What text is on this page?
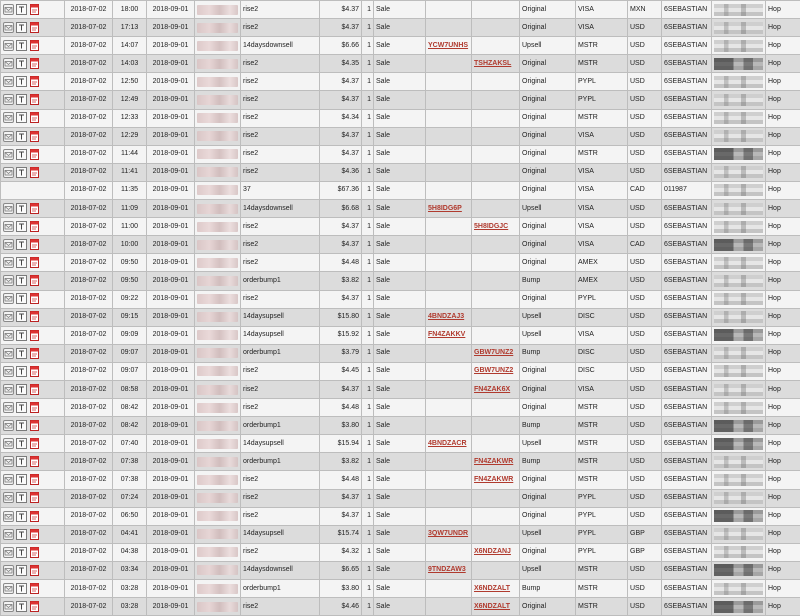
	2018-07-02	18:00	2018-09-01		rise2	$4.37	1	Sale			Original	VISA	MXN	6SEBASTIAN		Hop
	2018-07-02	17:13	2018-09-01		rise2	$4.37	1	Sale			Original	VISA	USD	6SEBASTIAN		Hop
	2018-07-02	14:07	2018-09-01		14daysdownsell	$6.66	1	Sale	YCW7UNHS		Upsell	MSTR	USD	6SEBASTIAN		Hop
	2018-07-02	14:03	2018-09-01		rise2	$4.35	1	Sale		TSHZAKSL	Original	MSTR	USD	6SEBASTIAN		Hop
	2018-07-02	12:50	2018-09-01		rise2	$4.37	1	Sale			Original	PYPL	USD	6SEBASTIAN		Hop
	2018-07-02	12:49	2018-09-01		rise2	$4.37	1	Sale			Original	PYPL	USD	6SEBASTIAN		Hop
	2018-07-02	12:33	2018-09-01		rise2	$4.34	1	Sale			Original	MSTR	USD	6SEBASTIAN		Hop
	2018-07-02	12:29	2018-09-01		rise2	$4.37	1	Sale			Original	VISA	USD	6SEBASTIAN		Hop
	2018-07-02	11:44	2018-09-01		rise2	$4.37	1	Sale			Original	MSTR	USD	6SEBASTIAN		Hop
	2018-07-02	11:41	2018-09-01		rise2	$4.36	1	Sale			Original	VISA	USD	6SEBASTIAN		Hop
	2018-07-02	11:35	2018-09-01		37	$67.36	1	Sale			Original	VISA	CAD	011987		Hop
	2018-07-02	11:09	2018-09-01		14daysdownsell	$6.68	1	Sale	5H8IDG6P		Upsell	VISA	USD	6SEBASTIAN		Hop
	2018-07-02	11:00	2018-09-01		rise2	$4.37	1	Sale		5H8IDGJC	Original	VISA	USD	6SEBASTIAN		Hop
	2018-07-02	10:00	2018-09-01		rise2	$4.37	1	Sale			Original	VISA	CAD	6SEBASTIAN		Hop
	2018-07-02	09:50	2018-09-01		rise2	$4.48	1	Sale			Original	AMEX	USD	6SEBASTIAN		Hop
	2018-07-02	09:50	2018-09-01		orderbump1	$3.82	1	Sale			Bump	AMEX	USD	6SEBASTIAN		Hop
	2018-07-02	09:22	2018-09-01		rise2	$4.37	1	Sale			Original	PYPL	USD	6SEBASTIAN		Hop
	2018-07-02	09:15	2018-09-01		14daysupsell	$15.80	1	Sale	4BNDZAJ3		Upsell	DISC	USD	6SEBASTIAN		Hop
	2018-07-02	09:09	2018-09-01		14daysupsell	$15.92	1	Sale	FN4ZAKKV		Upsell	VISA	USD	6SEBASTIAN		Hop
	2018-07-02	09:07	2018-09-01		orderbump1	$3.79	1	Sale		GBW7UNZ2	Bump	DISC	USD	6SEBASTIAN		Hop
	2018-07-02	09:07	2018-09-01		rise2	$4.45	1	Sale		GBW7UNZ2	Original	DISC	USD	6SEBASTIAN		Hop
	2018-07-02	08:58	2018-09-01		rise2	$4.37	1	Sale		FN4ZAK6X	Original	VISA	USD	6SEBASTIAN		Hop
	2018-07-02	08:42	2018-09-01		rise2	$4.48	1	Sale			Original	MSTR	USD	6SEBASTIAN		Hop
	2018-07-02	08:42	2018-09-01		orderbump1	$3.80	1	Sale			Bump	MSTR	USD	6SEBASTIAN		Hop
	2018-07-02	07:40	2018-09-01		14daysupsell	$15.94	1	Sale	4BNDZACR		Upsell	MSTR	USD	6SEBASTIAN		Hop
	2018-07-02	07:38	2018-09-01		orderbump1	$3.82	1	Sale		FN4ZAKWR	Bump	MSTR	USD	6SEBASTIAN		Hop
	2018-07-02	07:38	2018-09-01		rise2	$4.48	1	Sale		FN4ZAKWR	Original	MSTR	USD	6SEBASTIAN		Hop
	2018-07-02	07:24	2018-09-01		rise2	$4.37	1	Sale			Original	PYPL	USD	6SEBASTIAN		Hop
	2018-07-02	06:50	2018-09-01		rise2	$4.37	1	Sale			Original	PYPL	USD	6SEBASTIAN		Hop
	2018-07-02	04:41	2018-09-01		14daysupsell	$15.74	1	Sale	3QW7UNDR		Upsell	PYPL	GBP	6SEBASTIAN		Hop
	2018-07-02	04:38	2018-09-01		rise2	$4.32	1	Sale		X6NDZANJ	Original	PYPL	GBP	6SEBASTIAN		Hop
	2018-07-02	03:34	2018-09-01		14daysdownsell	$6.65	1	Sale	9TNDZAW3		Upsell	MSTR	USD	6SEBASTIAN		Hop
	2018-07-02	03:28	2018-09-01		orderbump1	$3.80	1	Sale		X6NDZALT	Bump	MSTR	USD	6SEBASTIAN		Hop
	2018-07-02	03:28	2018-09-01		rise2	$4.46	1	Sale		X6NDZALT	Original	MSTR	USD	6SEBASTIAN		Hop
